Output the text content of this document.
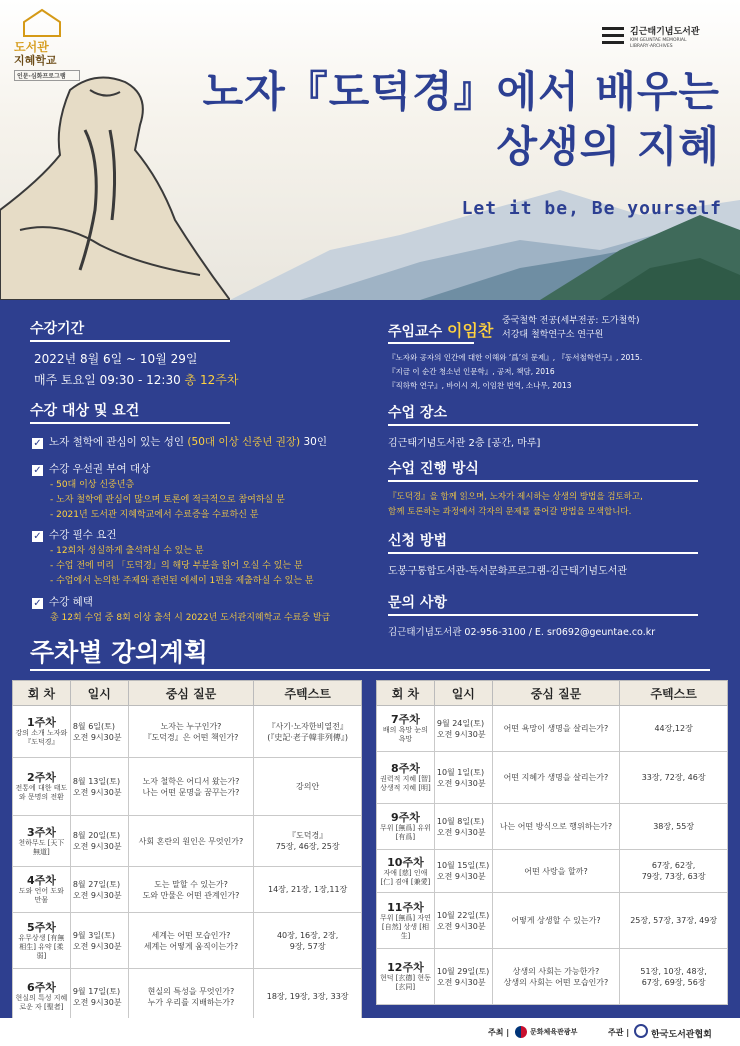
도서관
지혜학교
인문·심화프로그램
김근태기념도서관
KIM GEUNTAE MEMORIAL
LIBRARY·ARCHIVES
노자『도덕경』에서 배우는
상생의 지혜
Let it be, Be yourself
수강기간
2022년 8월 6일 ~ 10월 29일
매주 토요일 09:30 - 12:30 총 12주차
수강 대상 및 요건
✓ 노자 철학에 관심이 있는 성인 (50대 이상 신중년 권장) 30인
✓ 수강 우선권 부여 대상
- 50대 이상 신중년층
- 노자 철학에 관심이 많으며 토론에 적극적으로 참여하실 분
- 2021년 도서관 지혜학교에서 수료증을 수료하신 분
✓ 수강 필수 요건
- 12회차 성실하게 출석하실 수 있는 분
- 수업 전에 미리 「도덕경」의 해당 부분을 읽어 오실 수 있는 분
- 수업에서 논의한 주제와 관련된 에세이 1편을 제출하실 수 있는 분
✓ 수강 혜택
총 12회 수업 중 8회 이상 출석 시 2022년 도서관지혜학교 수료증 발급
주임교수 이임찬 중국철학 전공(세부전공: 도가철학)
서강대 철학연구소 연구원
『노자와 공자의 인간에 대한 이해와 ‘爲’의 문제』, 『동서철학연구』, 2015.
『지금 이 순간 청소년 인문학』, 공저, 책담, 2016
『직하학 연구』, 바이시 저, 이임찬 번역, 소나무, 2013
수업 장소
김근태기념도서관 2층 [공간, 마루]
수업 진행 방식
『도덕경』을 함께 읽으며, 노자가 제시하는 상생의 방법을 검토하고,
함께 토론하는 과정에서 각자의 문제를 풀어갈 방법을 모색합니다.
신청 방법
도봉구통합도서관-독서문화프로그램-김근태기념도서관
문의 사항
김근태기념도서관 02-956-3100 / E. sr0692@geuntae.co.kr
주차별 강의계획
회 차	일시	중심 질문	주텍스트

1주차
강의 소개 노자와 『도덕경』	8월 6일(토)
오전 9시30분	노자는 누구인가?
『도덕경』은 어떤 책인가?	『사기·노자한비열전』
(『史記·老子韓非列傳』)

2주차
전통에 대한 태도와 문명의 전환	8월 13일(토)
오전 9시30분	노자 철학은 어디서 왔는가?
나는 어떤 문명을 꿈꾸는가?	강의안

3주차
천하무도 [天下無道]	8월 20일(토)
오전 9시30분	사회 혼란의 원인은 무엇인가?	『도덕경』
75장, 46장, 25장

4주차
도와 언어 도와 만물	8월 27일(토)
오전 9시30분	도는 말할 수 있는가?
도와 만물은 어떤 관계인가?	14장, 21장, 1장,11장

5주차
유무상생 [有無相生] 유약 [柔弱]	9월 3일(토)
오전 9시30분	세계는 어떤 모습인가?
세계는 어떻게 움직이는가?	40장, 16장, 2장,
9장, 57장

6주차
현실의 특성 지혜로운 자 [聖者]	9월 17일(토)
오전 9시30분	현실의 특성을 무엇인가?
누가 우리를 지배하는가?	18장, 19장, 3장, 33장

회 차	일시	중심 질문	주텍스트

7주차
배의 욕망 눈의 욕망	9월 24일(토)
오전 9시30분	어떤 욕망이 생명을 살리는가?	44장,12장

8주차
권력적 지혜 [智] 상생적 지혜 [明]	10월 1일(토)
오전 9시30분	어떤 지혜가 생명을 살리는가?	33장, 72장, 46장

9주차
무위 [無爲] 유위 [有爲]	10월 8일(토)
오전 9시30분	나는 어떤 방식으로 행위하는가?	38장, 55장

10주차
자애 [慈] 인애 [仁] 겸애 [兼愛]	10월 15일(토)
오전 9시30분	어떤 사랑을 할까?	67장, 62장,
79장, 73장, 63장

11주차
무위 [無爲] 자연 [自然] 상생 [相生]	10월 22일(토)
오전 9시30분	어떻게 상생할 수 있는가?	25장, 57장, 37장, 49장

12주차
현덕 [玄德] 현동 [玄同]	10월 29일(토)
오전 9시30분	상생의 사회는 가능한가?
상생의 사회는 어떤 모습인가?	51장, 10장, 48장,
67장, 69장, 56장
주최 |	문화체육관광부	주관 | 한국도서관협회
